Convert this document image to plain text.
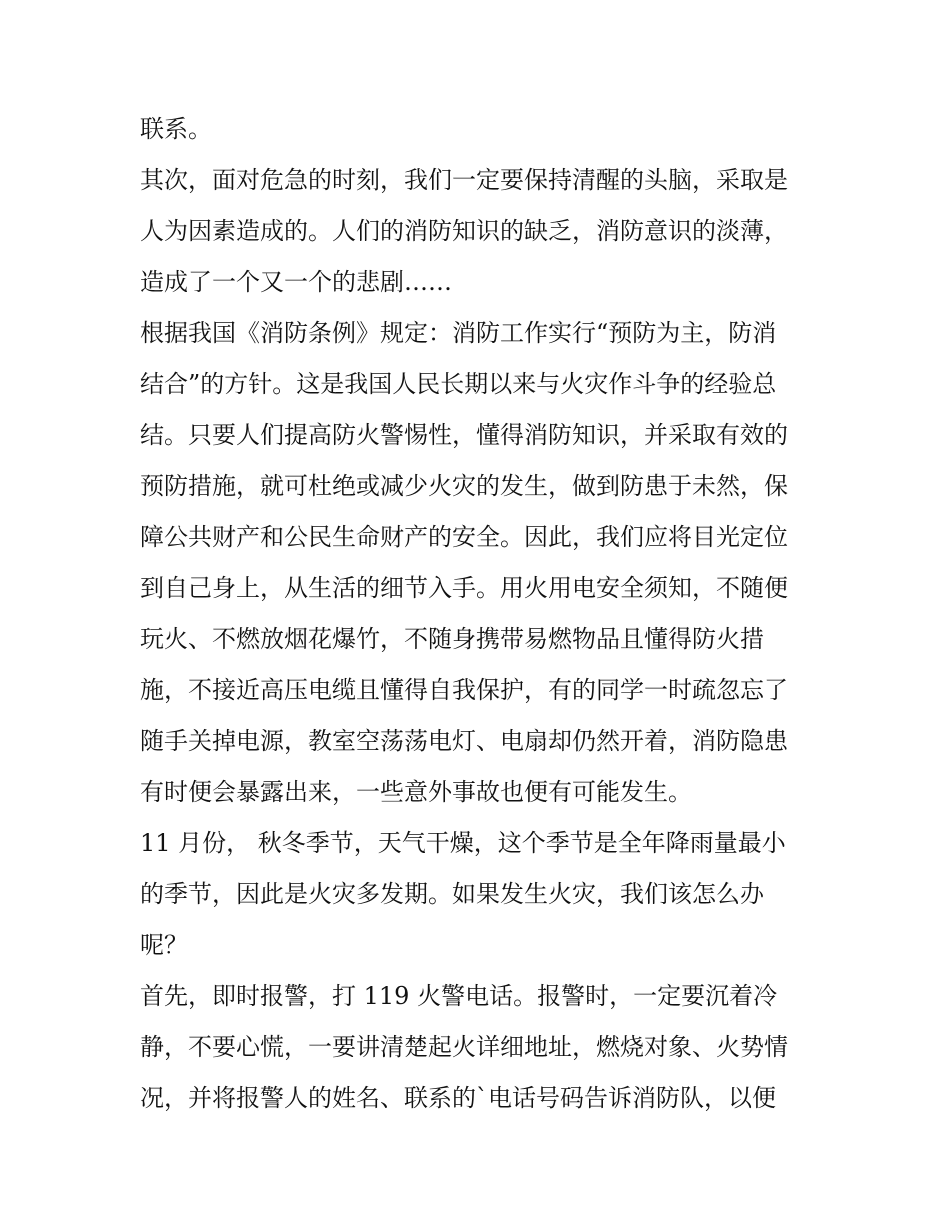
联系。

其次，面对危急的时刻，我们一定要保持清醒的头脑，采取是

人为因素造成的。人们的消防知识的缺乏，消防意识的淡薄，

造成了一个又一个的悲剧……

根据我国《消防条例》规定：消防工作实行“预防为主，防消

结合”的方针。这是我国人民长期以来与火灾作斗争的经验总

结。只要人们提高防火警惕性，懂得消防知识，并采取有效的

预防措施，就可杜绝或减少火灾的发生，做到防患于未然，保

障公共财产和公民生命财产的安全。因此，我们应将目光定位

到自己身上，从生活的细节入手。用火用电安全须知，不随便

玩火、不燃放烟花爆竹，不随身携带易燃物品且懂得防火措

施，不接近高压电缆且懂得自我保护，有的同学一时疏忽忘了

随手关掉电源，教室空荡荡电灯、电扇却仍然开着，消防隐患

有时便会暴露出来，一些意外事故也便有可能发生。

11 月份， 秋冬季节，天气干燥，这个季节是全年降雨量最小

的季节，因此是火灾多发期。如果发生火灾，我们该怎么办

呢？

首先，即时报警，打 119 火警电话。报警时，一定要沉着冷

静，不要心慌，一要讲清楚起火详细地址，燃烧对象、火势情

况，并将报警人的姓名、联系的`电话号码告诉消防队，以便
